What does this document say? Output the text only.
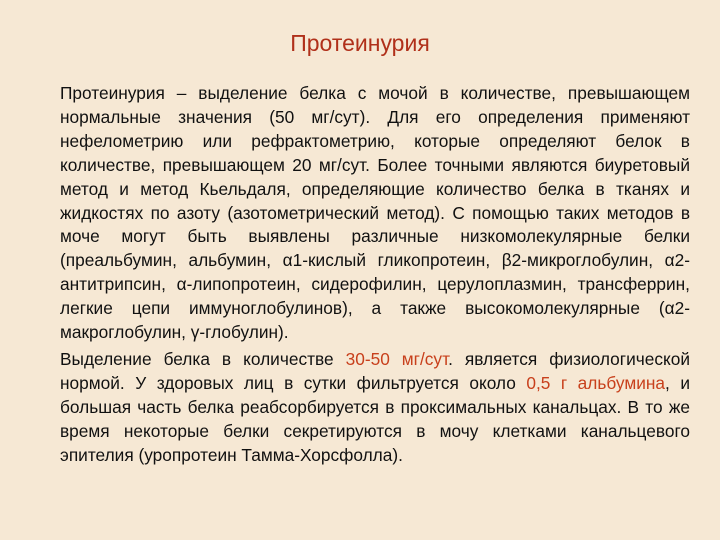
Протеинурия

Протеинурия – выделение белка с мочой в количестве, превышающем нормальные значения (50 мг/сут). Для его определения применяют нефелометрию или рефрактометрию, которые определяют белок в количестве, превышающем 20 мг/сут. Более точными являются биуретовый метод и метод Кьельдаля, определяющие количество белка в тканях и жидкостях по азоту (азотометрический метод). С помощью таких методов в моче могут быть выявлены различные низкомолекулярные белки (преальбумин, альбумин, α1-кислый гликопротеин, β2-микроглобулин, α2-антитрипсин, α-липопротеин, сидерофилин, церулоплазмин, трансферрин, легкие цепи иммуноглобулинов), а также высокомолекулярные (α2-макроглобулин, γ-глобулин).

Выделение белка в количестве 30-50 мг/сут. является физиологической нормой. У здоровых лиц в сутки фильтруется около 0,5 г альбумина, и большая часть белка реабсорбируется в проксимальных канальцах. В то же время некоторые белки секретируются в мочу клетками канальцевого эпителия (уропротеин Тамма-Хорсфолла).
